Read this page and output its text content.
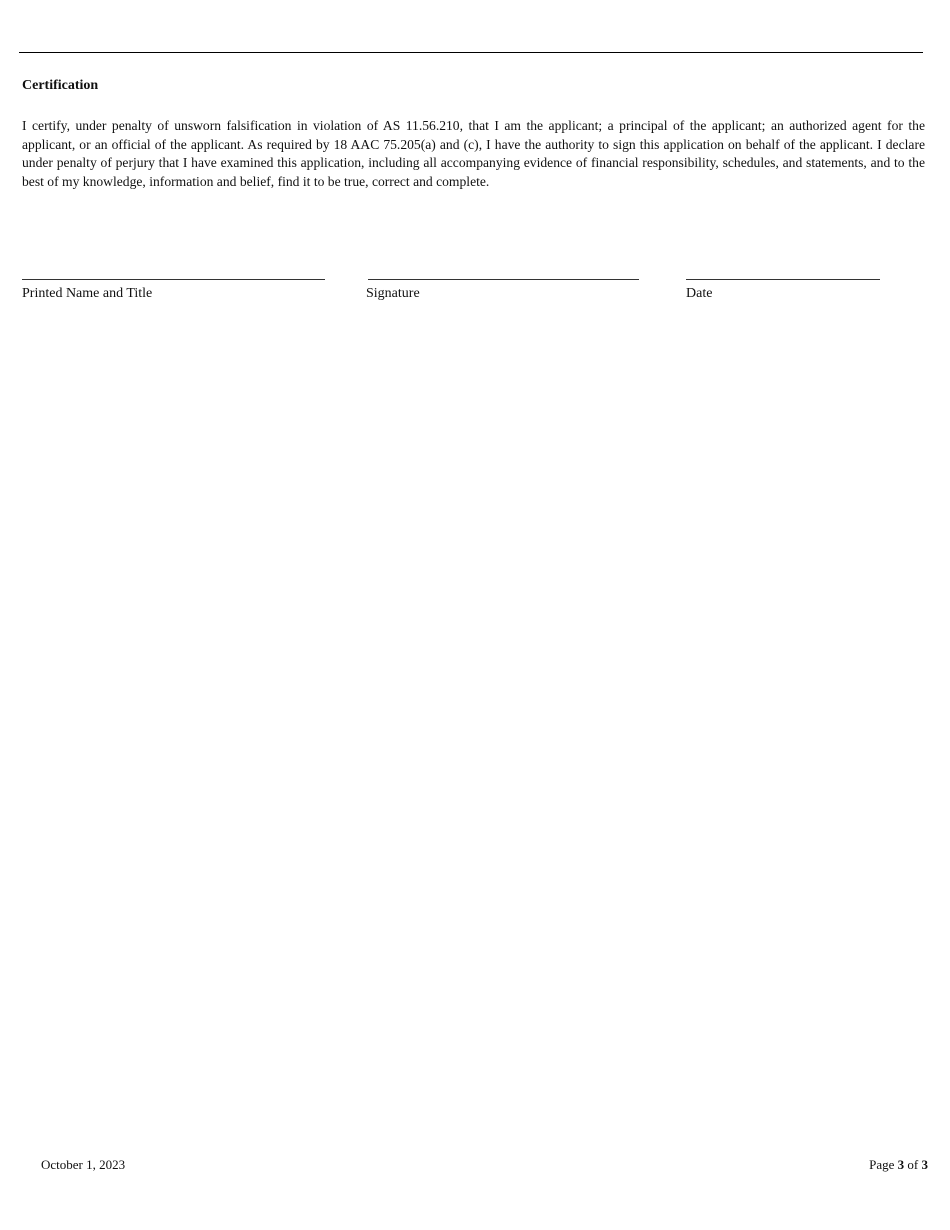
Certification

I certify, under penalty of unsworn falsification in violation of AS 11.56.210, that I am the applicant; a principal of the applicant; an authorized agent for the applicant, or an official of the applicant. As required by 18 AAC 75.205(a) and (c), I have the authority to sign this application on behalf of the applicant. I declare under penalty of perjury that I have examined this application, including all accompanying evidence of financial responsibility, schedules, and statements, and to the best of my knowledge, information and belief, find it to be true, correct and complete.

Printed Name and Title	Signature	Date
October 1, 2023	Page 3 of 3
